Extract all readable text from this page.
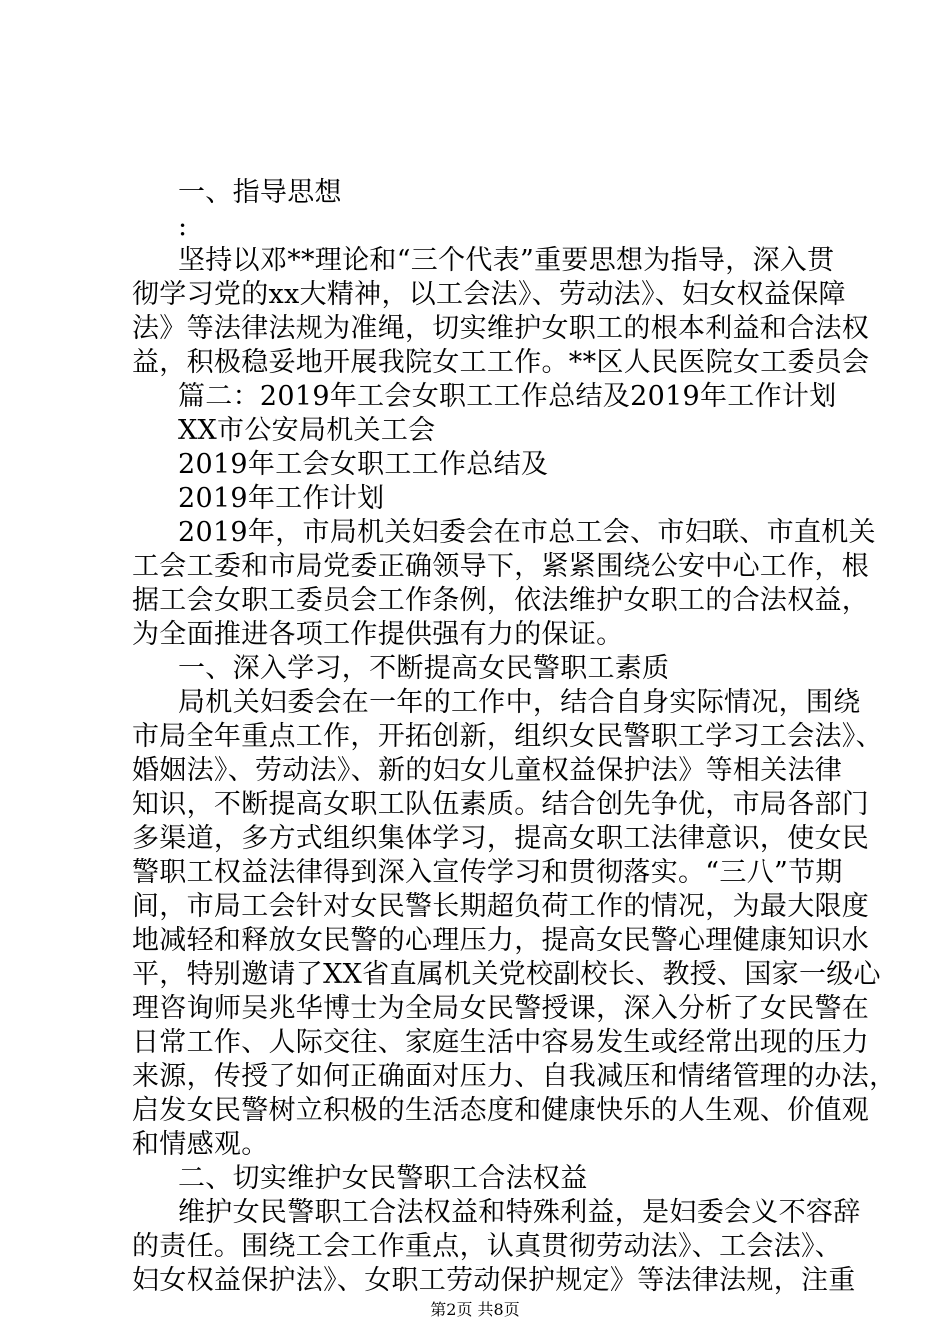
一、指导思想
:
坚持以邓**理论和“三个代表”重要思想为指导，深入贯
彻学习党的xx大精神，以工会法》、劳动法》、妇女权益保障
法》等法律法规为准绳，切实维护女职工的根本利益和合法权
益，积极稳妥地开展我院女工工作。**区人民医院女工委员会
篇二：2019年工会女职工工作总结及2019年工作计划
XX市公安局机关工会
2019年工会女职工工作总结及
2019年工作计划
2019年，市局机关妇委会在市总工会、市妇联、市直机关
工会工委和市局党委正确领导下，紧紧围绕公安中心工作，根
据工会女职工委员会工作条例，依法维护女职工的合法权益，
为全面推进各项工作提供强有力的保证。
一、深入学习，不断提高女民警职工素质
局机关妇委会在一年的工作中，结合自身实际情况，围绕
市局全年重点工作，开拓创新，组织女民警职工学习工会法》、
婚姻法》、劳动法》、新的妇女儿童权益保护法》等相关法律
知识，不断提高女职工队伍素质。结合创先争优，市局各部门
多渠道，多方式组织集体学习，提高女职工法律意识，使女民
警职工权益法律得到深入宣传学习和贯彻落实。“三八”节期
间，市局工会针对女民警长期超负荷工作的情况，为最大限度
地减轻和释放女民警的心理压力，提高女民警心理健康知识水
平，特别邀请了XX省直属机关党校副校长、教授、国家一级心
理咨询师吴兆华博士为全局女民警授课，深入分析了女民警在
日常工作、人际交往、家庭生活中容易发生或经常出现的压力
来源，传授了如何正确面对压力、自我减压和情绪管理的办法，
启发女民警树立积极的生活态度和健康快乐的人生观、价值观
和情感观。
二、切实维护女民警职工合法权益
维护女民警职工合法权益和特殊利益，是妇委会义不容辞
的责任。围绕工会工作重点，认真贯彻劳动法》、工会法》、
妇女权益保护法》、女职工劳动保护规定》等法律法规，注重
第2页 共8页
